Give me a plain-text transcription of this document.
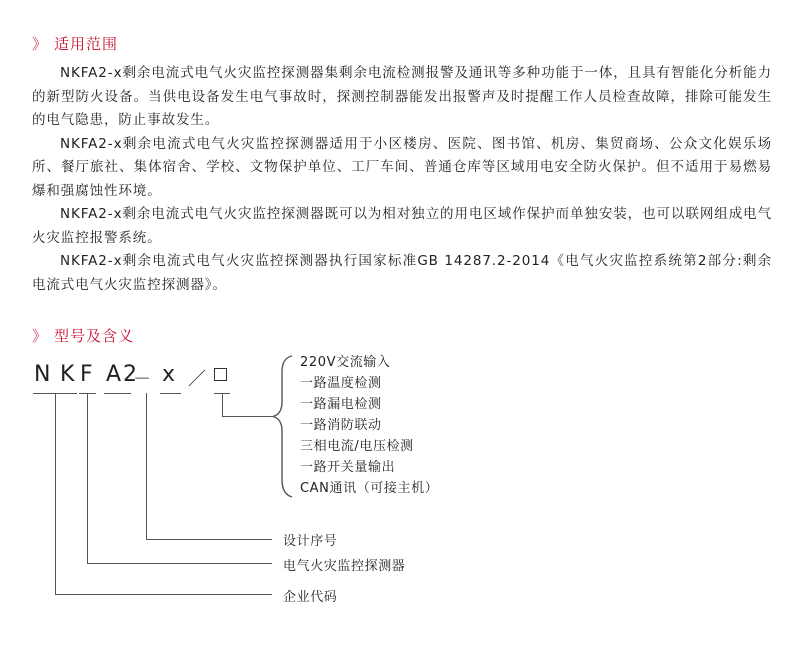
》 适用范围

NKFA2-x剩余电流式电气火灾监控探测器集剩余电流检测报警及通讯等多种功能于一体，且具有智能化分析能力的新型防火设备。当供电设备发生电气事故时，探测控制器能发出报警声及时提醒工作人员检查故障，排除可能发生的电气隐患，防止事故发生。

NKFA2-x剩余电流式电气火灾监控探测器适用于小区楼房、医院、图书馆、机房、集贸商场、公众文化娱乐场所、餐厅旅社、集体宿舍、学校、文物保护单位、工厂车间、普通仓库等区域用电安全防火保护。但不适用于易燃易爆和强腐蚀性环境。

NKFA2-x剩余电流式电气火灾监控探测器既可以为相对独立的用电区域作保护而单独安装，也可以联网组成电气火灾监控报警系统。

NKFA2-x剩余电流式电气火灾监控探测器执行国家标准GB 14287.2-2014《电气火灾监控系统第2部分:剩余电流式电气火灾监控探测器》。

》 型号及含义
N K F A2
－ x ／
220V交流输入
一路温度检测
一路漏电检测
一路消防联动
三相电流/电压检测
一路开关量输出
CAN通讯（可接主机）
设计序号
电气火灾监控探测器
企业代码
